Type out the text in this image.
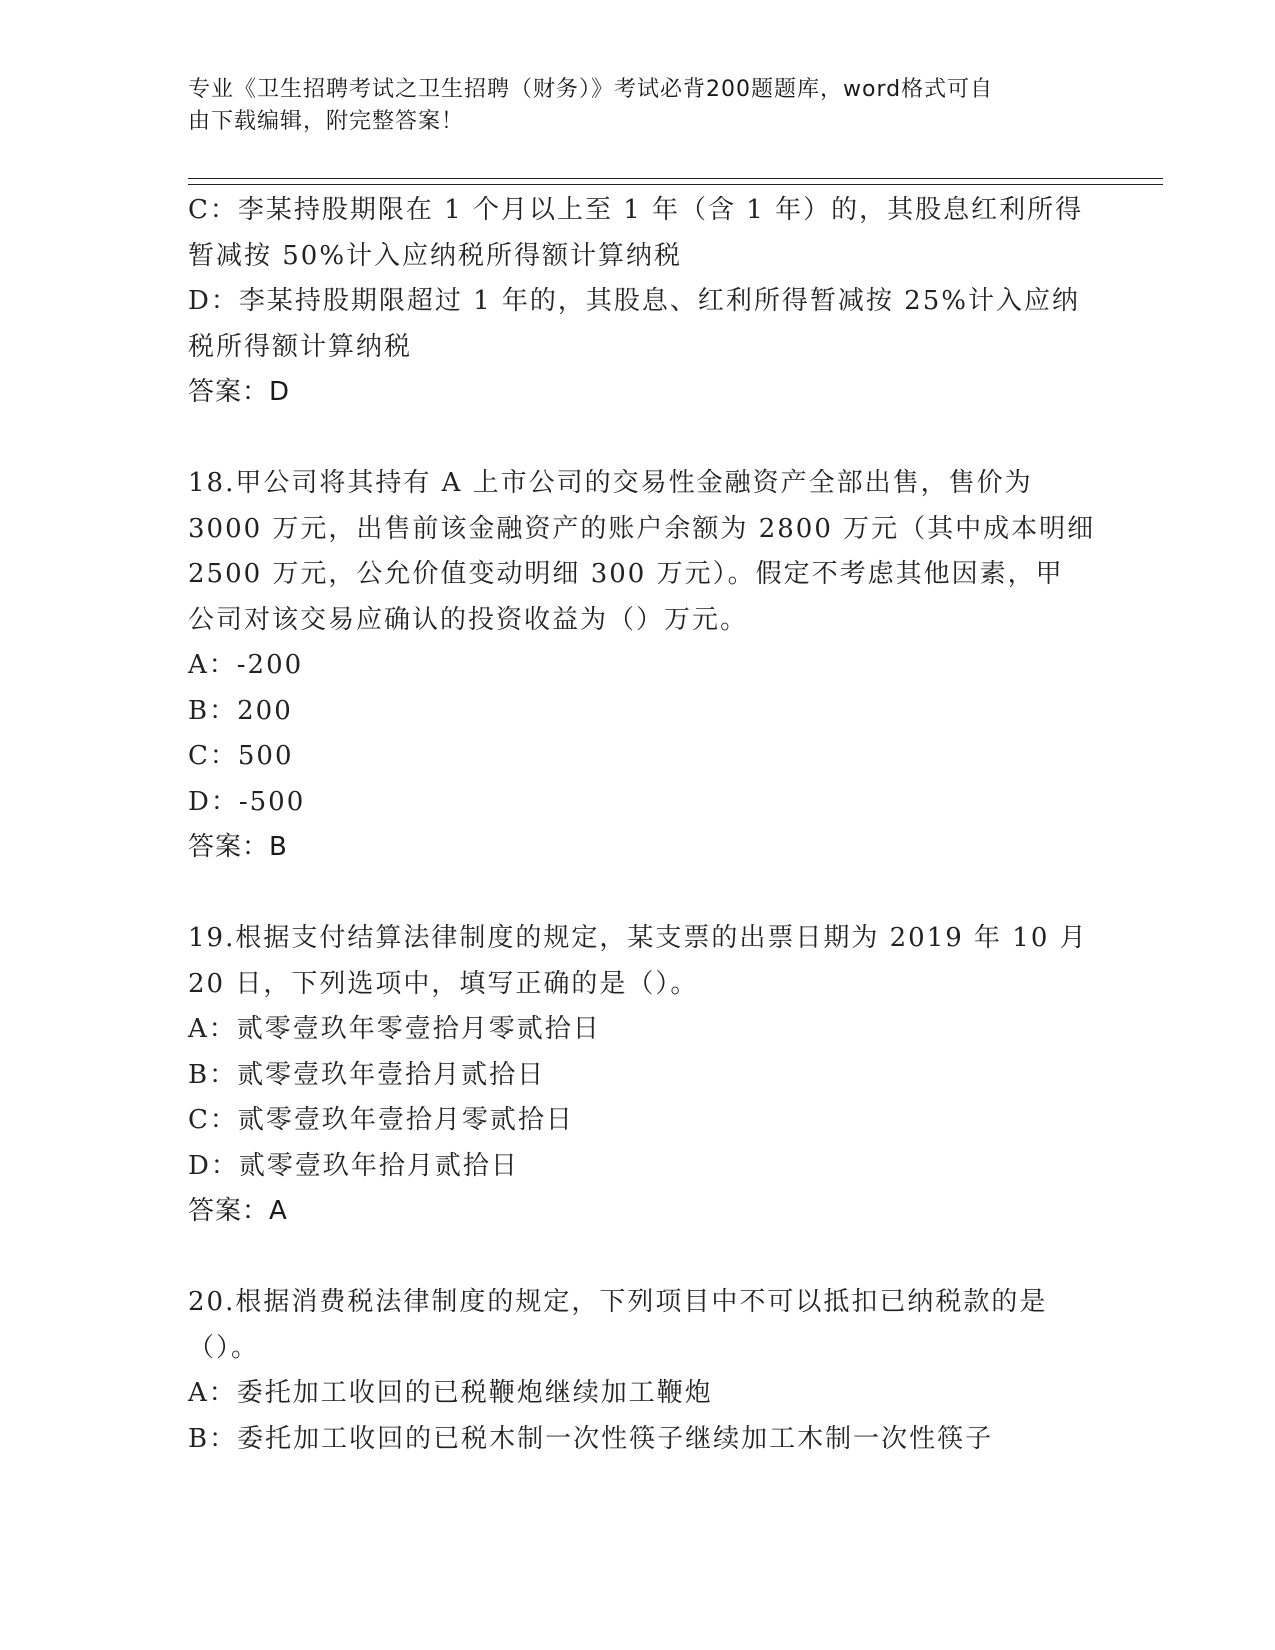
专业《卫生招聘考试之卫生招聘（财务）》考试必背200题题库，word格式可自
由下载编辑，附完整答案！
C：李某持股期限在 1 个月以上至 1 年（含 1 年）的，其股息红利所得
暂减按 50%计入应纳税所得额计算纳税
D：李某持股期限超过 1 年的，其股息、红利所得暂减按 25%计入应纳
税所得额计算纳税
答案：D
18.甲公司将其持有 A 上市公司的交易性金融资产全部出售，售价为
3000 万元，出售前该金融资产的账户余额为 2800 万元（其中成本明细
2500 万元，公允价值变动明细 300 万元）。假定不考虑其他因素，甲
公司对该交易应确认的投资收益为（）万元。
A：-200
B：200
C：500
D：-500
答案：B
19.根据支付结算法律制度的规定，某支票的出票日期为 2019 年 10 月
20 日，下列选项中，填写正确的是（）。
A：贰零壹玖年零壹拾月零贰拾日
B：贰零壹玖年壹拾月贰拾日
C：贰零壹玖年壹拾月零贰拾日
D：贰零壹玖年拾月贰拾日
答案：A
20.根据消费税法律制度的规定，下列项目中不可以抵扣已纳税款的是
（）。
A：委托加工收回的已税鞭炮继续加工鞭炮
B：委托加工收回的已税木制一次性筷子继续加工木制一次性筷子
